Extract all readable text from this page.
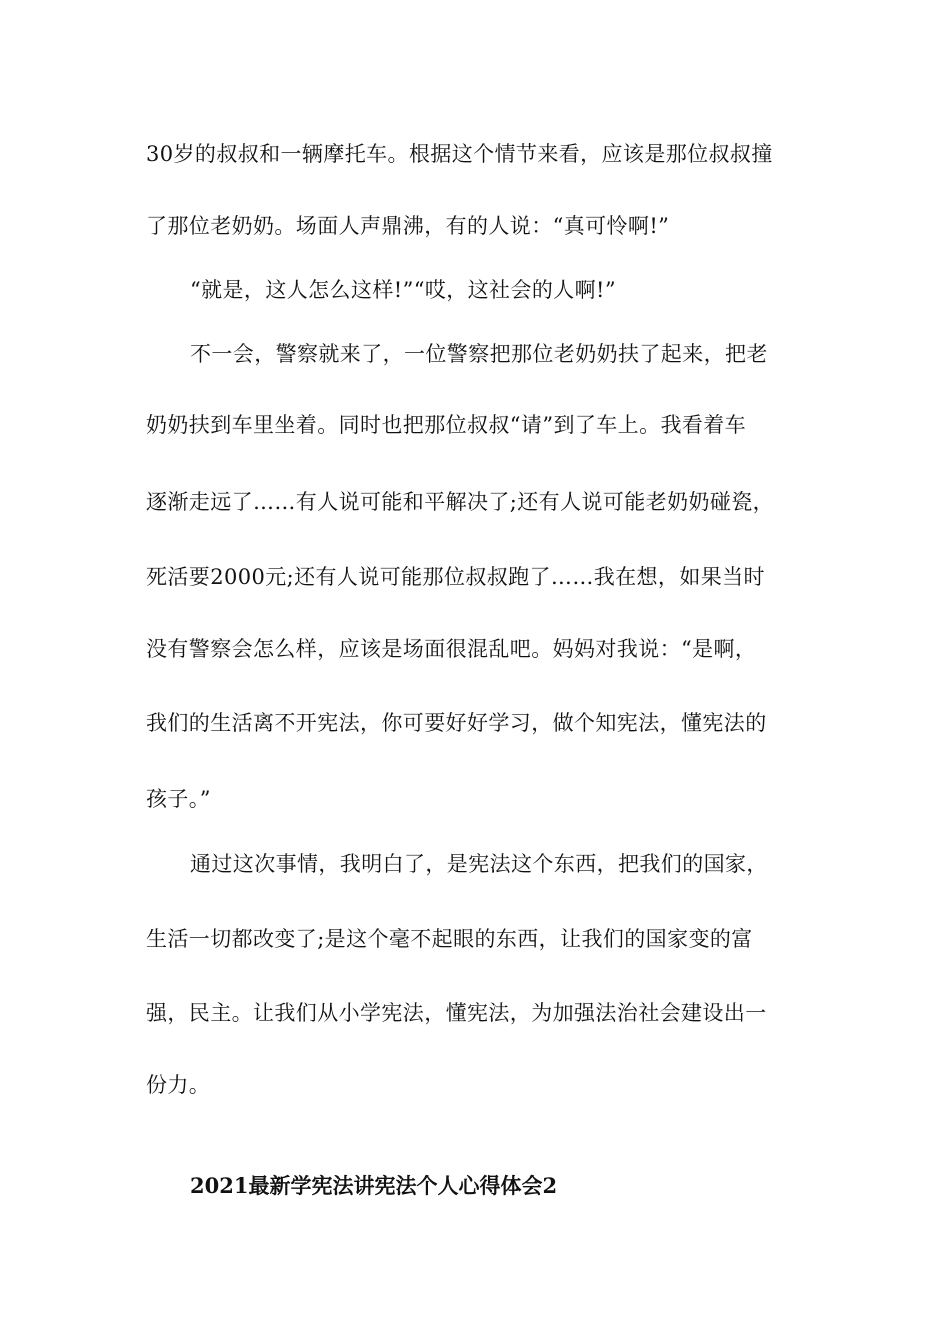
30岁的叔叔和一辆摩托车。根据这个情节来看，应该是那位叔叔撞
了那位老奶奶。场面人声鼎沸，有的人说：“真可怜啊!”
“就是，这人怎么这样!”“哎，这社会的人啊!”
不一会，警察就来了，一位警察把那位老奶奶扶了起来，把老
奶奶扶到车里坐着。同时也把那位叔叔“请”到了车上。我看着车
逐渐走远了……有人说可能和平解决了;还有人说可能老奶奶碰瓷，
死活要2000元;还有人说可能那位叔叔跑了……我在想，如果当时
没有警察会怎么样，应该是场面很混乱吧。妈妈对我说：“是啊，
我们的生活离不开宪法，你可要好好学习，做个知宪法，懂宪法的
孩子。”
通过这次事情，我明白了，是宪法这个东西，把我们的国家，
生活一切都改变了;是这个毫不起眼的东西，让我们的国家变的富
强，民主。让我们从小学宪法，懂宪法，为加强法治社会建设出一
份力。
2021最新学宪法讲宪法个人心得体会2
